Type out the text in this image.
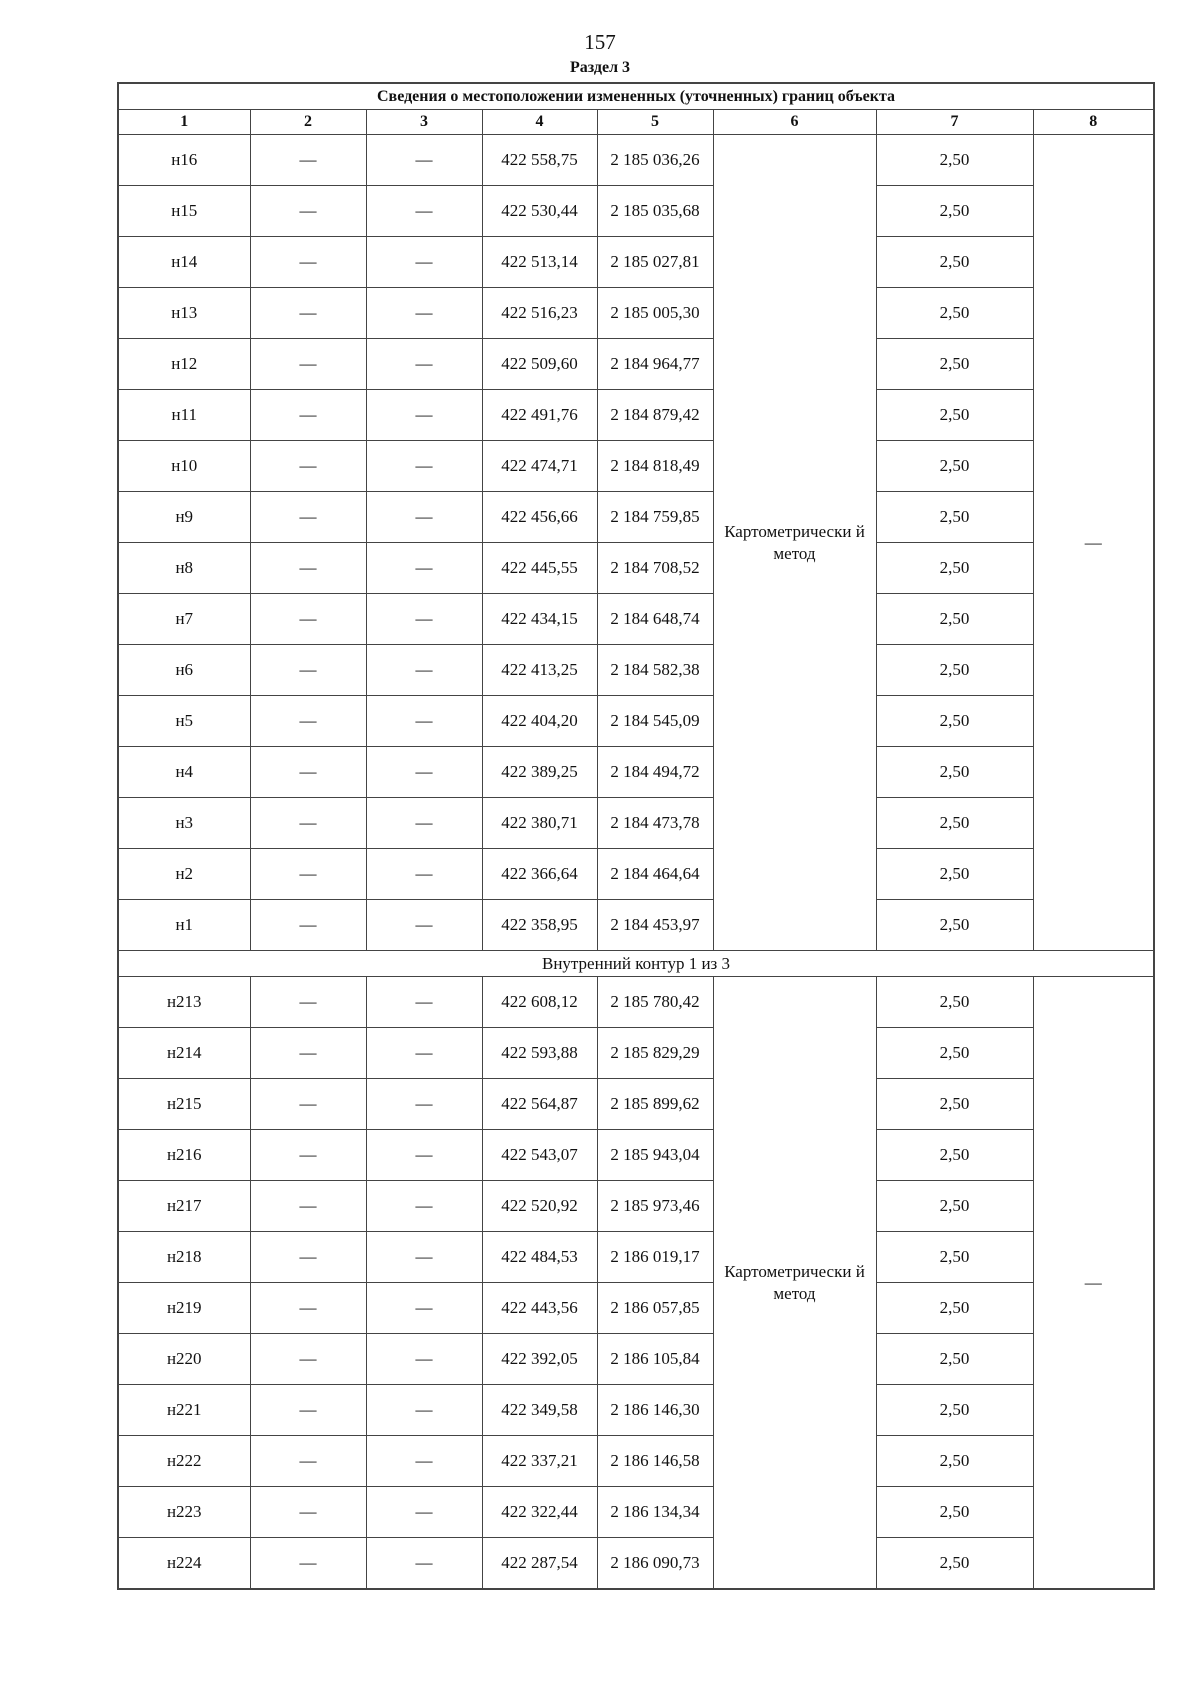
157
Раздел 3
Сведения о местоположении измененных (уточненных) границ объекта							
1	2	3	4	5	6	7	8
н16	—	—	422 558,75	2 185 036,26	Картометрически й метод	2,50	—
н15	—	—	422 530,44	2 185 035,68		2,50	
н14	—	—	422 513,14	2 185 027,81		2,50	
н13	—	—	422 516,23	2 185 005,30		2,50	
н12	—	—	422 509,60	2 184 964,77		2,50	
н11	—	—	422 491,76	2 184 879,42		2,50	
н10	—	—	422 474,71	2 184 818,49		2,50	
н9	—	—	422 456,66	2 184 759,85		2,50	
н8	—	—	422 445,55	2 184 708,52		2,50	
н7	—	—	422 434,15	2 184 648,74		2,50	
н6	—	—	422 413,25	2 184 582,38		2,50	
н5	—	—	422 404,20	2 184 545,09		2,50	
н4	—	—	422 389,25	2 184 494,72		2,50	
н3	—	—	422 380,71	2 184 473,78		2,50	
н2	—	—	422 366,64	2 184 464,64		2,50	
н1	—	—	422 358,95	2 184 453,97		2,50	
Внутренний контур 1 из 3							
н213	—	—	422 608,12	2 185 780,42	Картометрически й метод	2,50	—
н214	—	—	422 593,88	2 185 829,29		2,50	
н215	—	—	422 564,87	2 185 899,62		2,50	
н216	—	—	422 543,07	2 185 943,04		2,50	
н217	—	—	422 520,92	2 185 973,46		2,50	
н218	—	—	422 484,53	2 186 019,17		2,50	
н219	—	—	422 443,56	2 186 057,85		2,50	
н220	—	—	422 392,05	2 186 105,84		2,50	
н221	—	—	422 349,58	2 186 146,30		2,50	
н222	—	—	422 337,21	2 186 146,58		2,50	
н223	—	—	422 322,44	2 186 134,34		2,50	
н224	—	—	422 287,54	2 186 090,73		2,50	
